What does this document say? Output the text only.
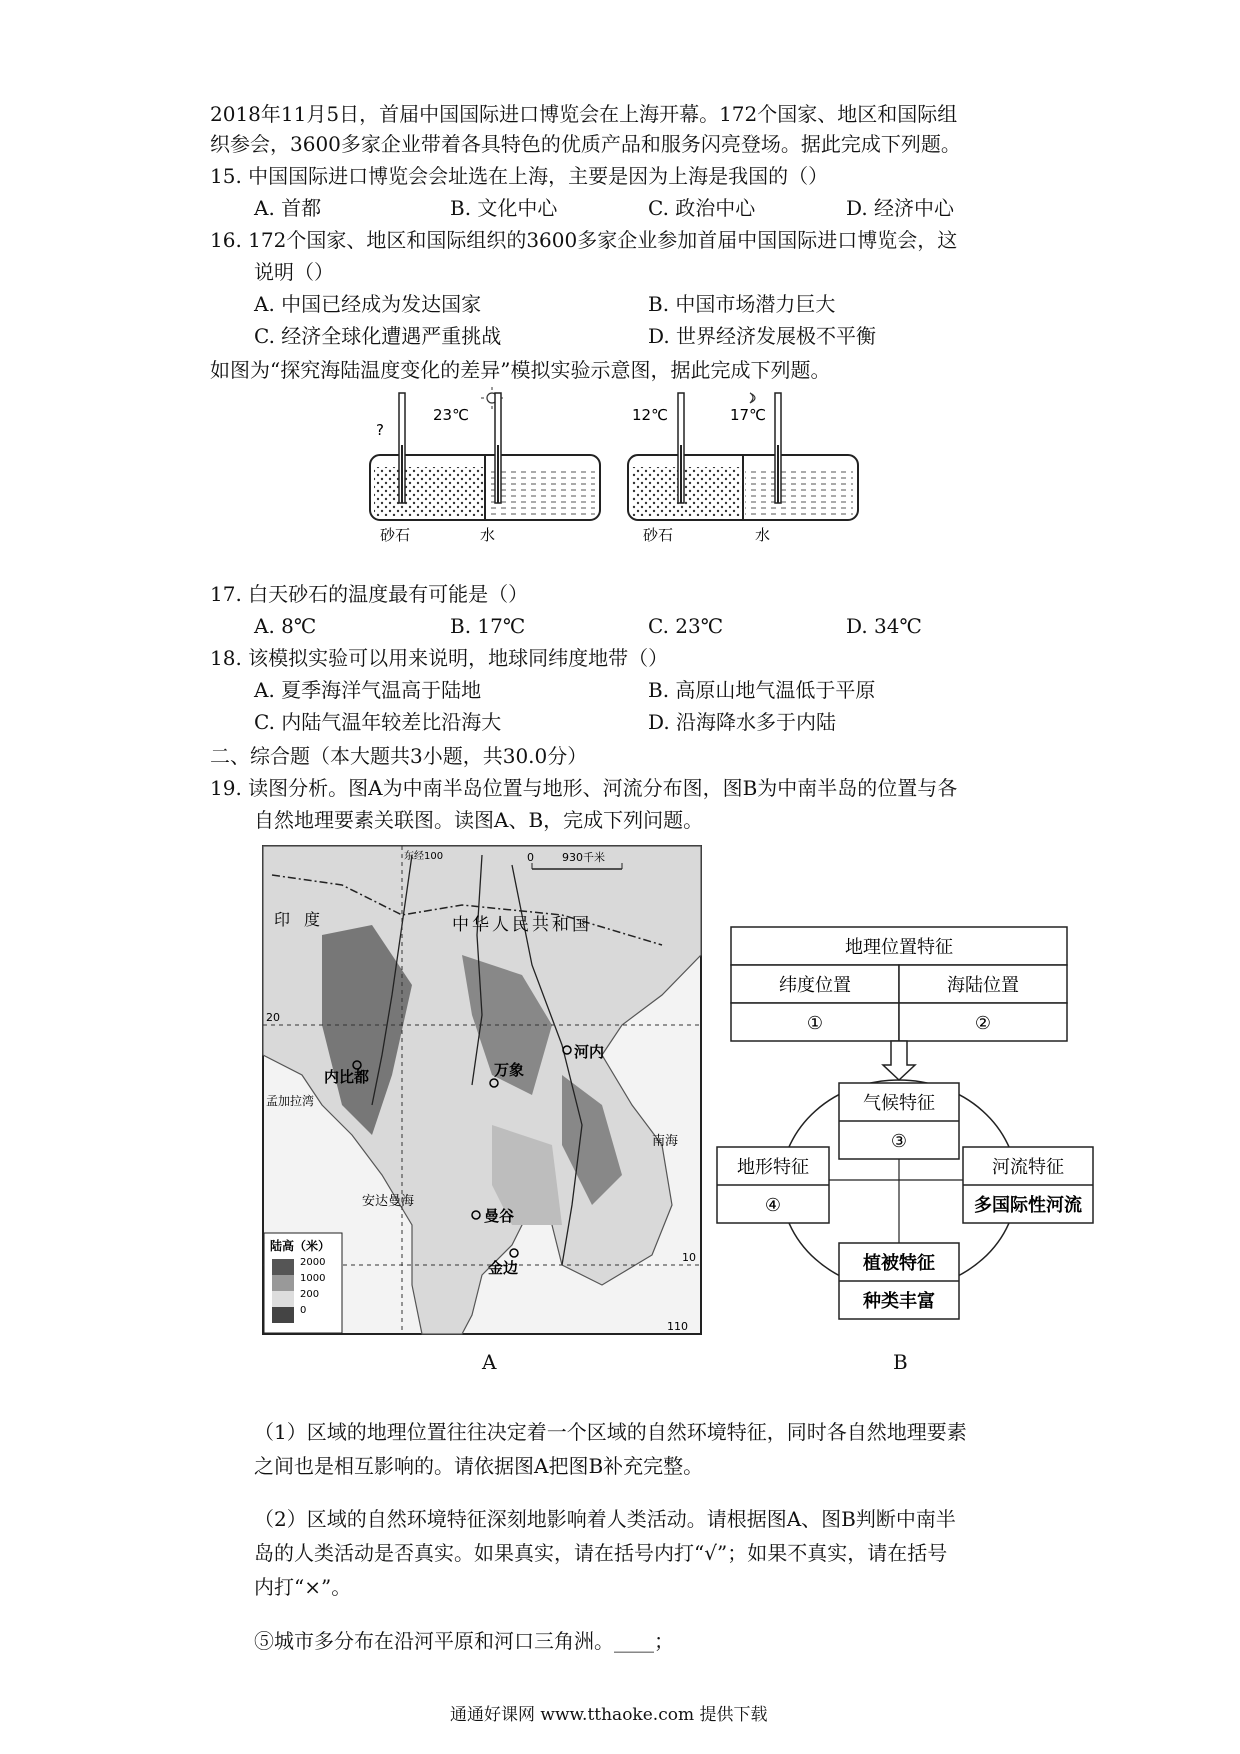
2018年11月5日，首届中国国际进口博览会在上海开幕。172个国家、地区和国际组
织参会，3600多家企业带着各具特色的优质产品和服务闪亮登场。据此完成下列题。
15. 中国国际进口博览会会址选在上海，主要是因为上海是我国的（）
A. 首都	B. 文化中心	C. 政治中心	D. 经济中心
16. 172个国家、地区和国际组织的3600多家企业参加首届中国国际进口博览会，这
说明（）
A. 中国已经成为发达国家	B. 中国市场潜力巨大
C. 经济全球化遭遇严重挑战	D. 世界经济发展极不平衡
如图为“探究海陆温度变化的差异”模拟实验示意图，据此完成下列题。
?
23℃
砂石	水
12℃	17℃
砂石	水
17. 白天砂石的温度最有可能是（）
A. 8℃	B. 17℃	C. 23℃	D. 34℃
18. 该模拟实验可以用来说明，地球同纬度地带（）
A. 夏季海洋气温高于陆地	B. 高原山地气温低于平原
C. 内陆气温年较差比沿海大	D. 沿海降水多于内陆
二、综合题（本大题共3小题，共30.0分）
19. 读图分析。图A为中南半岛位置与地形、河流分布图，图B为中南半岛的位置与各
自然地理要素关联图。读图A、B，完成下列问题。
0	930千米
中华人民共和国
东经100
110
20
10
印度
孟加拉湾
安达曼海
南海
内比都	万象
河内
曼谷
金边
陆高（米）
2000
1000
200
0
A
地理位置特征
纬度位置	海陆位置
①	②
气候特征
③
地形特征
④
河流特征
多国际性河流
植被特征
种类丰富
B
（1）区域的地理位置往往决定着一个区域的自然环境特征，同时各自然地理要素
之间也是相互影响的。请依据图A把图B补充完整。
（2）区域的自然环境特征深刻地影响着人类活动。请根据图A、图B判断中南半
岛的人类活动是否真实。如果真实，请在括号内打“√”；如果不真实，请在括号
内打“×”。
⑤城市多分布在沿河平原和河口三角洲。____；
通通好课网 www.tthaoke.com 提供下载
